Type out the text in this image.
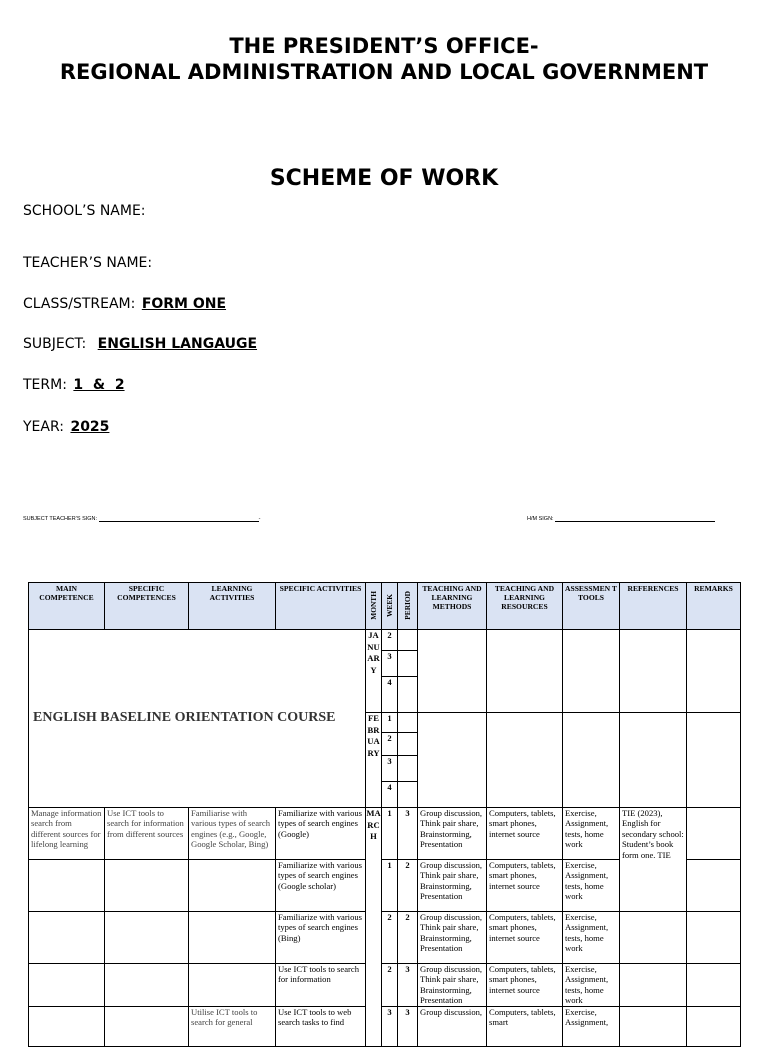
THE PRESIDENT’S OFFICE-
REGIONAL ADMINISTRATION AND LOCAL GOVERNMENT
SCHEME OF WORK
SCHOOL’S NAME:
TEACHER’S NAME:
CLASS/STREAM: FORM ONE
SUBJECT: ENGLISH LANGAUGE
TERM: 1  &  2
YEAR: 2025
SUBJECT TEACHER’S SIGN:	-	H/M SIGN:
MAIN COMPETENCE	SPECIFIC COMPETENCES	LEARNING ACTIVITIES	SPECIFIC ACTIVITIES	MONTH	WEEK	PERIOD	TEACHING AND LEARNING METHODS	TEACHING AND LEARNING RESOURCES	ASSESSMEN T TOOLS	REFERENCES	REMARKS
ENGLISH BASELINE ORIENTATION COURSE				JANUARY	2						
					3						
					4						
				FEBRUARY	1						
					2						
					3						
					4						
Manage information search from different sources for lifelong learning	Use ICT tools to search for information from different sources	Familiarise with various types of search engines (e.g., Google, Google Scholar, Bing)	Familiarize with various types of search engines (Google)	MARCH	1	3	Group discussion, Think pair share, Brainstorming, Presentation	Computers, tablets, smart phones, internet source	Exercise, Assignment, tests, home work	TIE (2023), English for secondary school: Student’s book form one. TIE	
			Familiarize with various types of search engines (Google scholar)		1	2	Group discussion, Think pair share, Brainstorming, Presentation	Computers, tablets, smart phones, internet source	Exercise, Assignment, tests, home work		
			Familiarize with various types of search engines (Bing)		2	2	Group discussion, Think pair share, Brainstorming, Presentation	Computers, tablets, smart phones, internet source	Exercise, Assignment, tests, home work		
			Use ICT tools to search for information		2	3	Group discussion, Think pair share, Brainstorming, Presentation	Computers, tablets, smart phones, internet source	Exercise, Assignment, tests, home work		
		Utilise ICT tools to search for general	Use ICT tools to web search tasks to find		3	3	Group discussion,	Computers, tablets, smart	Exercise, Assignment,		
